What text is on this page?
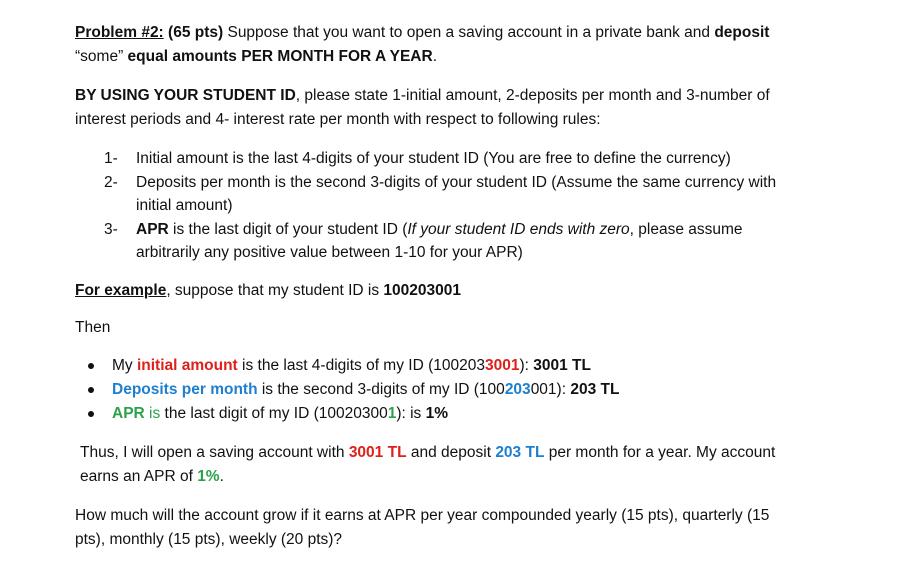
Problem #2: (65 pts) Suppose that you want to open a saving account in a private bank and deposit
“some” equal amounts PER MONTH FOR A YEAR.
BY USING YOUR STUDENT ID, please state 1-initial amount, 2-deposits per month and 3-number of
interest periods and 4- interest rate per month with respect to following rules:
1- Initial amount is the last 4-digits of your student ID (You are free to define the currency)
2- Deposits per month is the second 3-digits of your student ID (Assume the same currency with
initial amount)
3- APR is the last digit of your student ID (If your student ID ends with zero, please assume
arbitrarily any positive value between 1-10 for your APR)
For example, suppose that my student ID is 100203001
Then
My initial amount is the last 4-digits of my ID (1002033001): 3001 TL
Deposits per month is the second 3-digits of my ID (100203001): 203 TL
APR is the last digit of my ID (100203001): is 1%
Thus, I will open a saving account with 3001 TL and deposit 203 TL per month for a year. My account
earns an APR of 1%.
How much will the account grow if it earns at APR per year compounded yearly (15 pts), quarterly (15
pts), monthly (15 pts), weekly (20 pts)?
